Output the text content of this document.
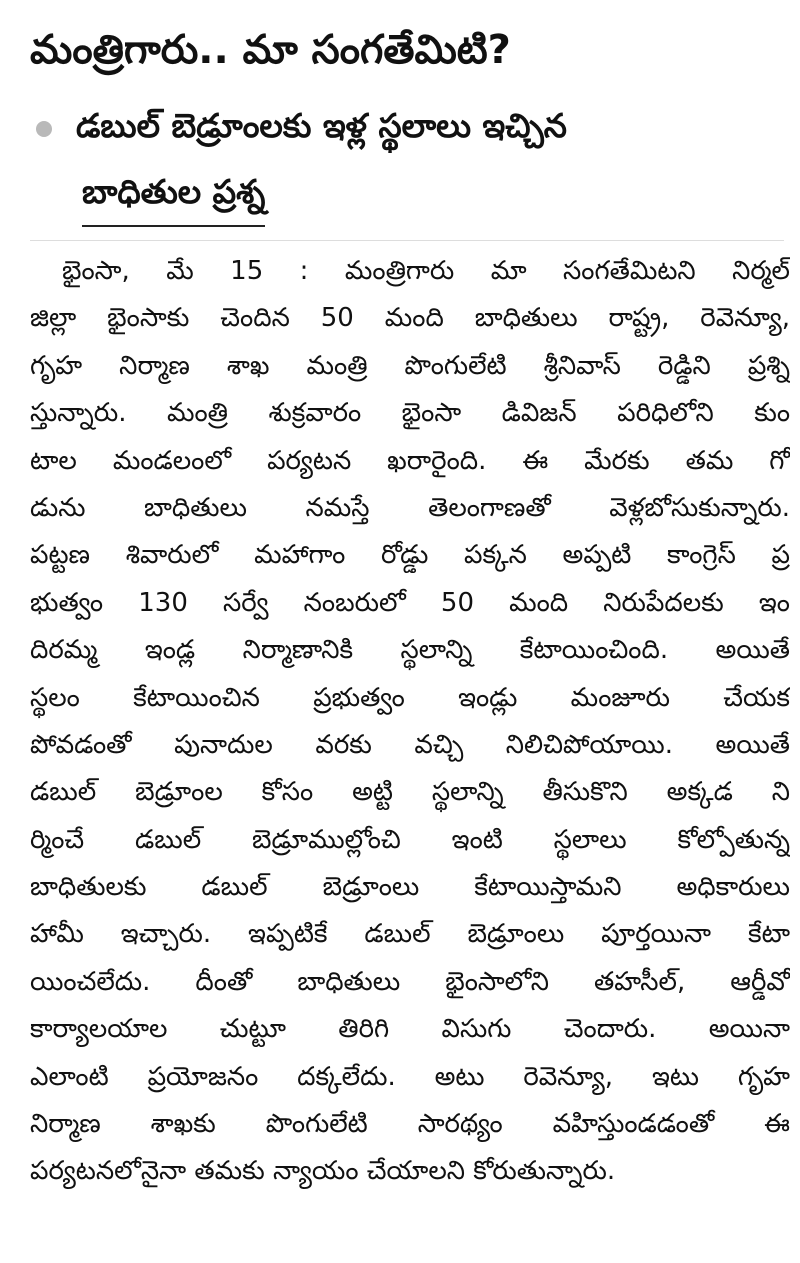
మంత్రిగారు.. మా సంగతేమిటి?
డబుల్ బెడ్రూంలకు ఇళ్ల స్థలాలు ఇచ్చిన
బాధితుల ప్రశ్న
భైంసా, మే 15 : మంత్రిగారు మా సంగతేమిటని నిర్మల్
జిల్లా భైంసాకు చెందిన 50 మంది బాధితులు రాష్ట్ర, రెవెన్యూ,
గృహ నిర్మాణ శాఖ మంత్రి పొంగులేటి శ్రీనివాస్ రెడ్డిని ప్రశ్ని
స్తున్నారు. మంత్రి శుక్రవారం భైంసా డివిజన్ పరిధిలోని కుం
టాల మండలంలో పర్యటన ఖరారైంది. ఈ మేరకు తమ గో
డును బాధితులు నమస్తే తెలంగాణతో వెళ్లబోసుకున్నారు.
పట్టణ శివారులో మహాగాం రోడ్డు పక్కన అప్పటి కాంగ్రెస్ ప్ర
భుత్వం 130 సర్వే నంబరులో 50 మంది నిరుపేదలకు ఇం
దిరమ్మ ఇండ్ల నిర్మాణానికి స్థలాన్ని కేటాయించింది. అయితే
స్థలం కేటాయించిన ప్రభుత్వం ఇండ్లు మంజూరు చేయక
పోవడంతో పునాదుల వరకు వచ్చి నిలిచిపోయాయి. అయితే
డబుల్ బెడ్రూంల కోసం అట్టి స్థలాన్ని తీసుకొని అక్కడ ని
ర్మించే డబుల్ బెడ్రూముల్లోంచి ఇంటి స్థలాలు కోల్పోతున్న
బాధితులకు డబుల్ బెడ్రూంలు కేటాయిస్తామని అధికారులు
హామీ ఇచ్చారు. ఇప్పటికే డబుల్ బెడ్రూంలు పూర్తయినా కేటా
యించలేదు. దీంతో బాధితులు భైంసాలోని తహసీల్, ఆర్డీవో
కార్యాలయాల చుట్టూ తిరిగి విసుగు చెందారు. అయినా
ఎలాంటి ప్రయోజనం దక్కలేదు. అటు రెవెన్యూ, ఇటు గృహ
నిర్మాణ శాఖకు పొంగులేటి సారథ్యం వహిస్తుండడంతో ఈ
పర్యటనలోనైనా తమకు న్యాయం చేయాలని కోరుతున్నారు.
